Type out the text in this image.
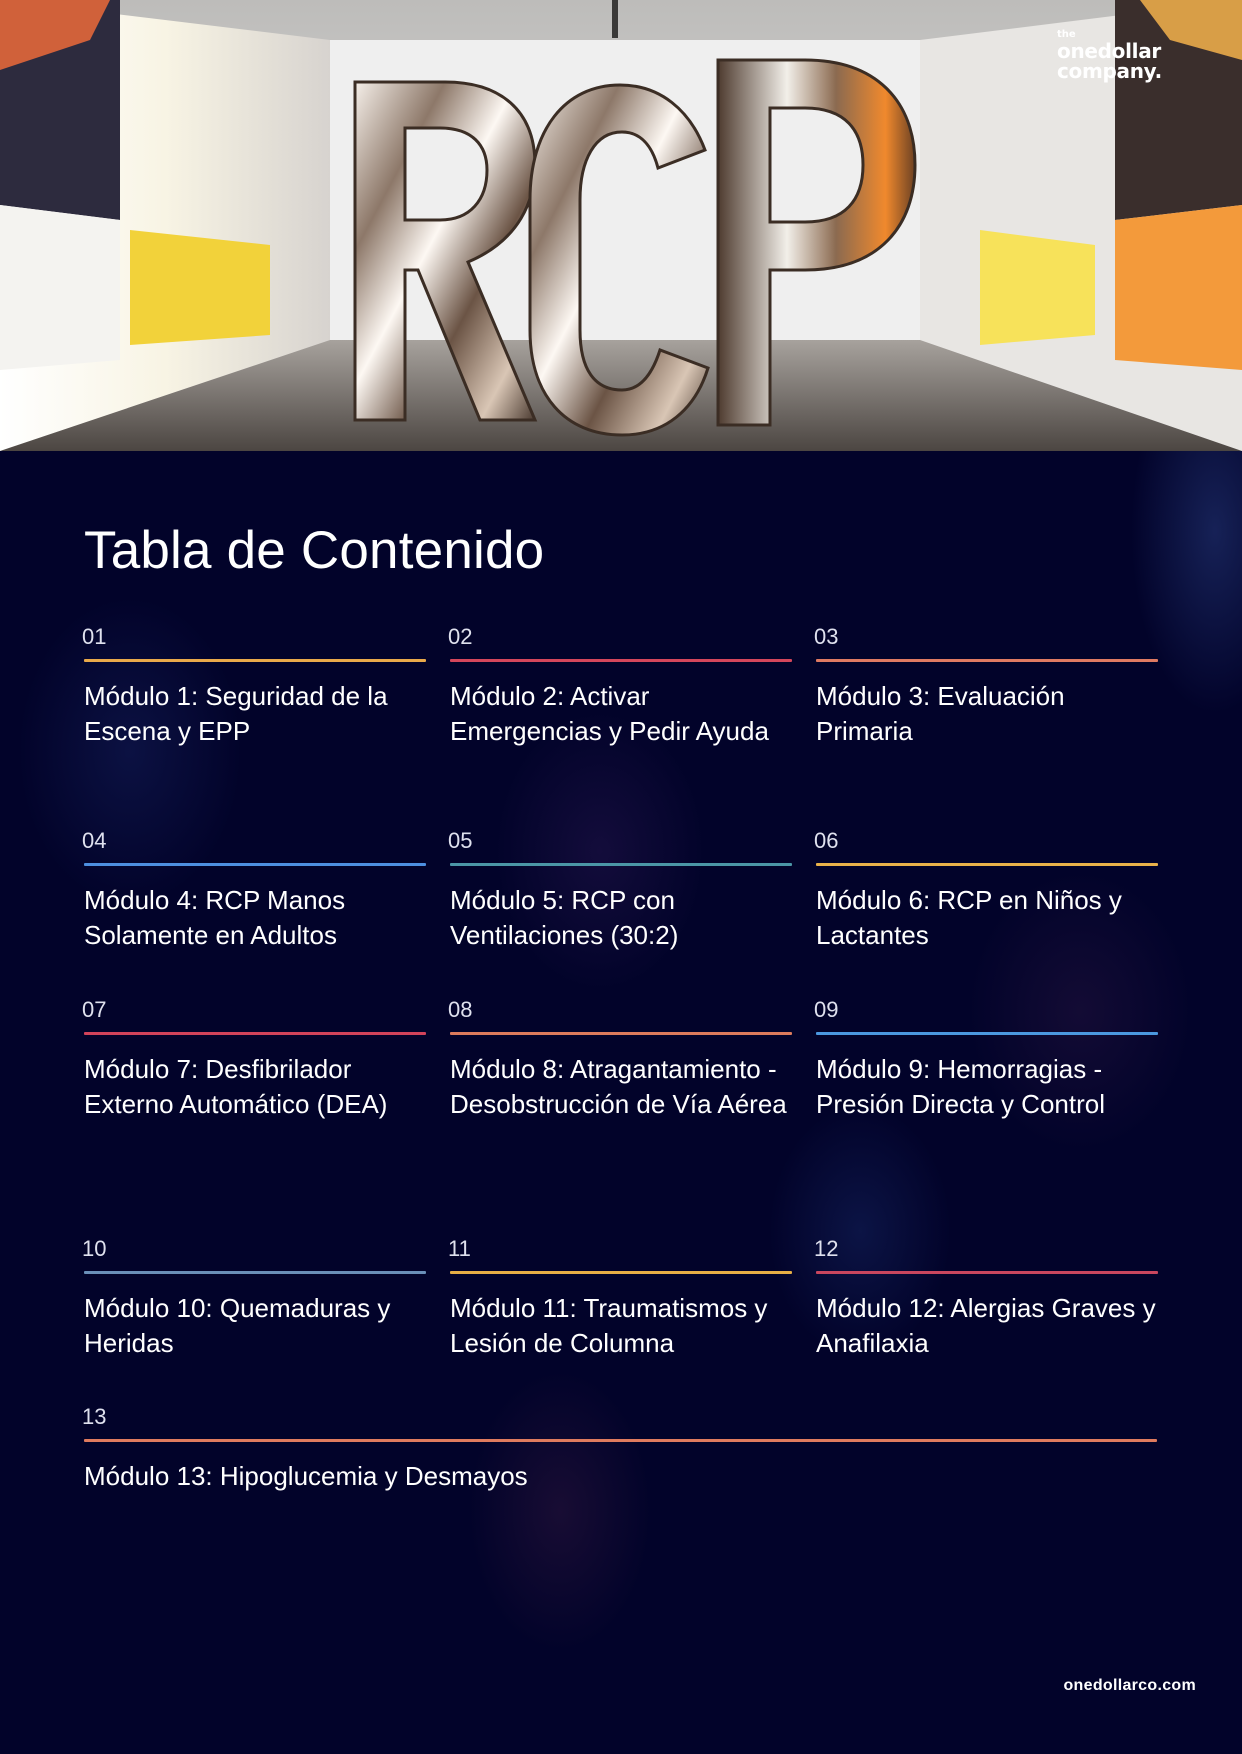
the
onedollar
company.
Tabla de Contenido
01
Módulo 1: Seguridad de la Escena y EPP
02
Módulo 2: Activar Emergencias y Pedir Ayuda
03
Módulo 3: Evaluación Primaria
04
Módulo 4: RCP Manos Solamente en Adultos
05
Módulo 5: RCP con Ventilaciones (30:2)
06
Módulo 6: RCP en Niños y Lactantes
07
Módulo 7: Desfibrilador Externo Automático (DEA)
08
Módulo 8: Atragantamiento - Desobstrucción de Vía Aérea
09
Módulo 9: Hemorragias - Presión Directa y Control
10
Módulo 10: Quemaduras y Heridas
11
Módulo 11: Traumatismos y Lesión de Columna
12
Módulo 12: Alergias Graves y Anafilaxia
13
Módulo 13: Hipoglucemia y Desmayos
onedollarco.com
